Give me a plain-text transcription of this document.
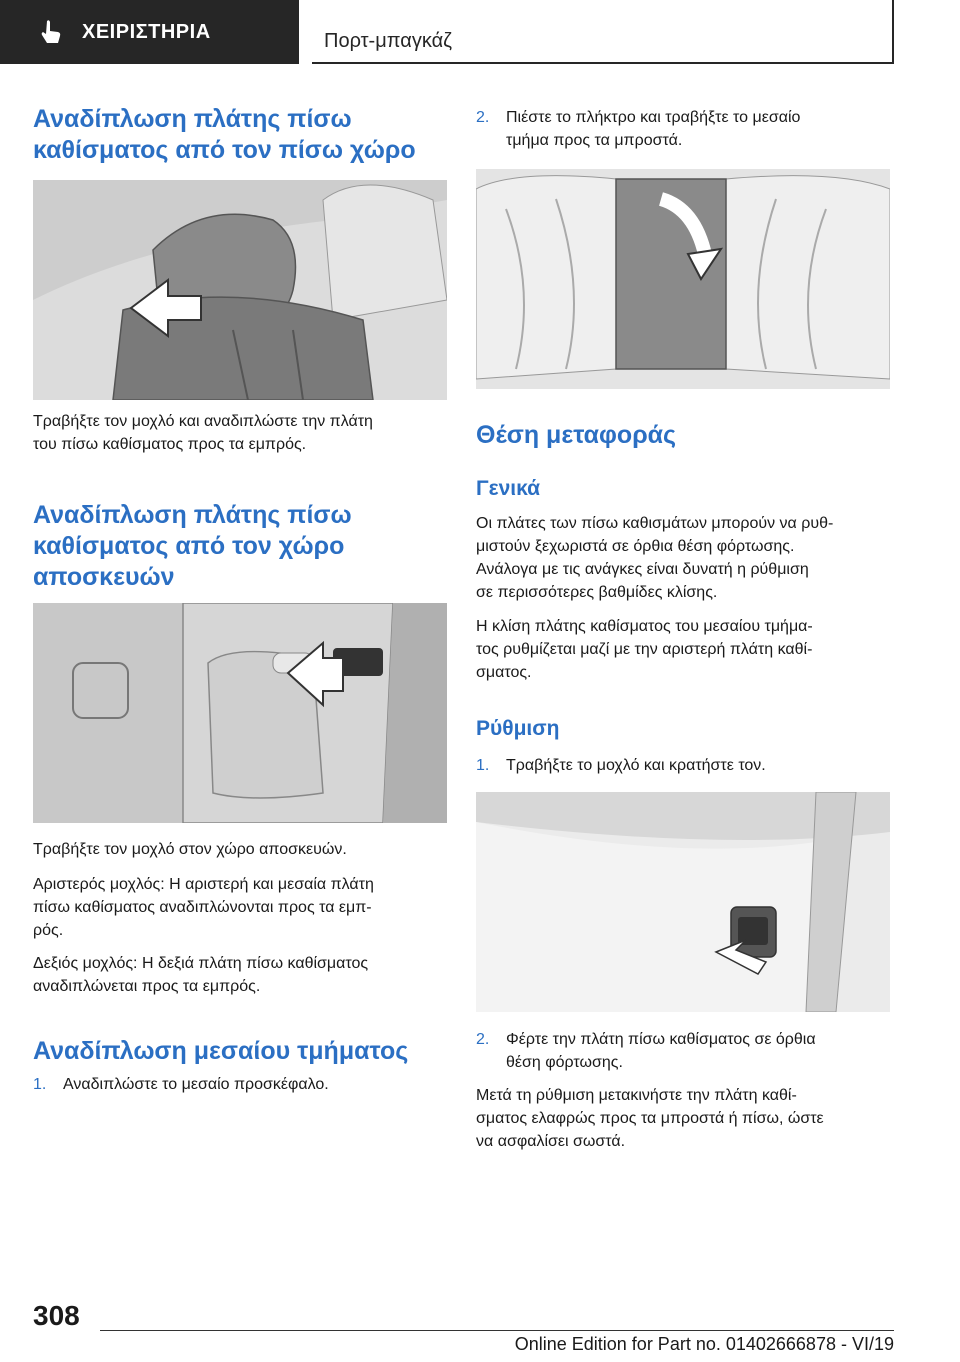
ΧΕΙΡΙΣΤΗΡΙΑ	Πορτ-μπαγκάζ
Αναδίπλωση πλάτης πίσω
καθίσματος από τον πίσω χώρο

Τραβήξτε τον μοχλό και αναδιπλώστε την πλάτη
του πίσω καθίσματος προς τα εμπρός.

Αναδίπλωση πλάτης πίσω
καθίσματος από τον χώρο
αποσκευών

Τραβήξτε τον μοχλό στον χώρο αποσκευών.

Αριστερός μοχλός: Η αριστερή και μεσαία πλάτη
πίσω καθίσματος αναδιπλώνονται προς τα εμπ‐
ρός.

Δεξιός μοχλός: Η δεξιά πλάτη πίσω καθίσματος
αναδιπλώνεται προς τα εμπρός.

Αναδίπλωση μεσαίου τμήματος
1. Αναδιπλώστε το μεσαίο προσκέφαλο.
2. Πιέστε το πλήκτρο και τραβήξτε το μεσαίο
τμήμα προς τα μπροστά.
Θέση μεταφοράς
Γενικά

Οι πλάτες των πίσω καθισμάτων μπορούν να ρυθ‐
μιστούν ξεχωριστά σε όρθια θέση φόρτωσης.
Ανάλογα με τις ανάγκες είναι δυνατή η ρύθμιση
σε περισσότερες βαθμίδες κλίσης.

Η κλίση πλάτης καθίσματος του μεσαίου τμήμα‐
τος ρυθμίζεται μαζί με την αριστερή πλάτη καθί‐
σματος.

Ρύθμιση
1. Τραβήξτε το μοχλό και κρατήστε τον.
2. Φέρτε την πλάτη πίσω καθίσματος σε όρθια
θέση φόρτωσης.

Μετά τη ρύθμιση μετακινήστε την πλάτη καθί‐
σματος ελαφρώς προς τα μπροστά ή πίσω, ώστε
να ασφαλίσει σωστά.

308
Online Edition for Part no. 01402666878 - VI/19
